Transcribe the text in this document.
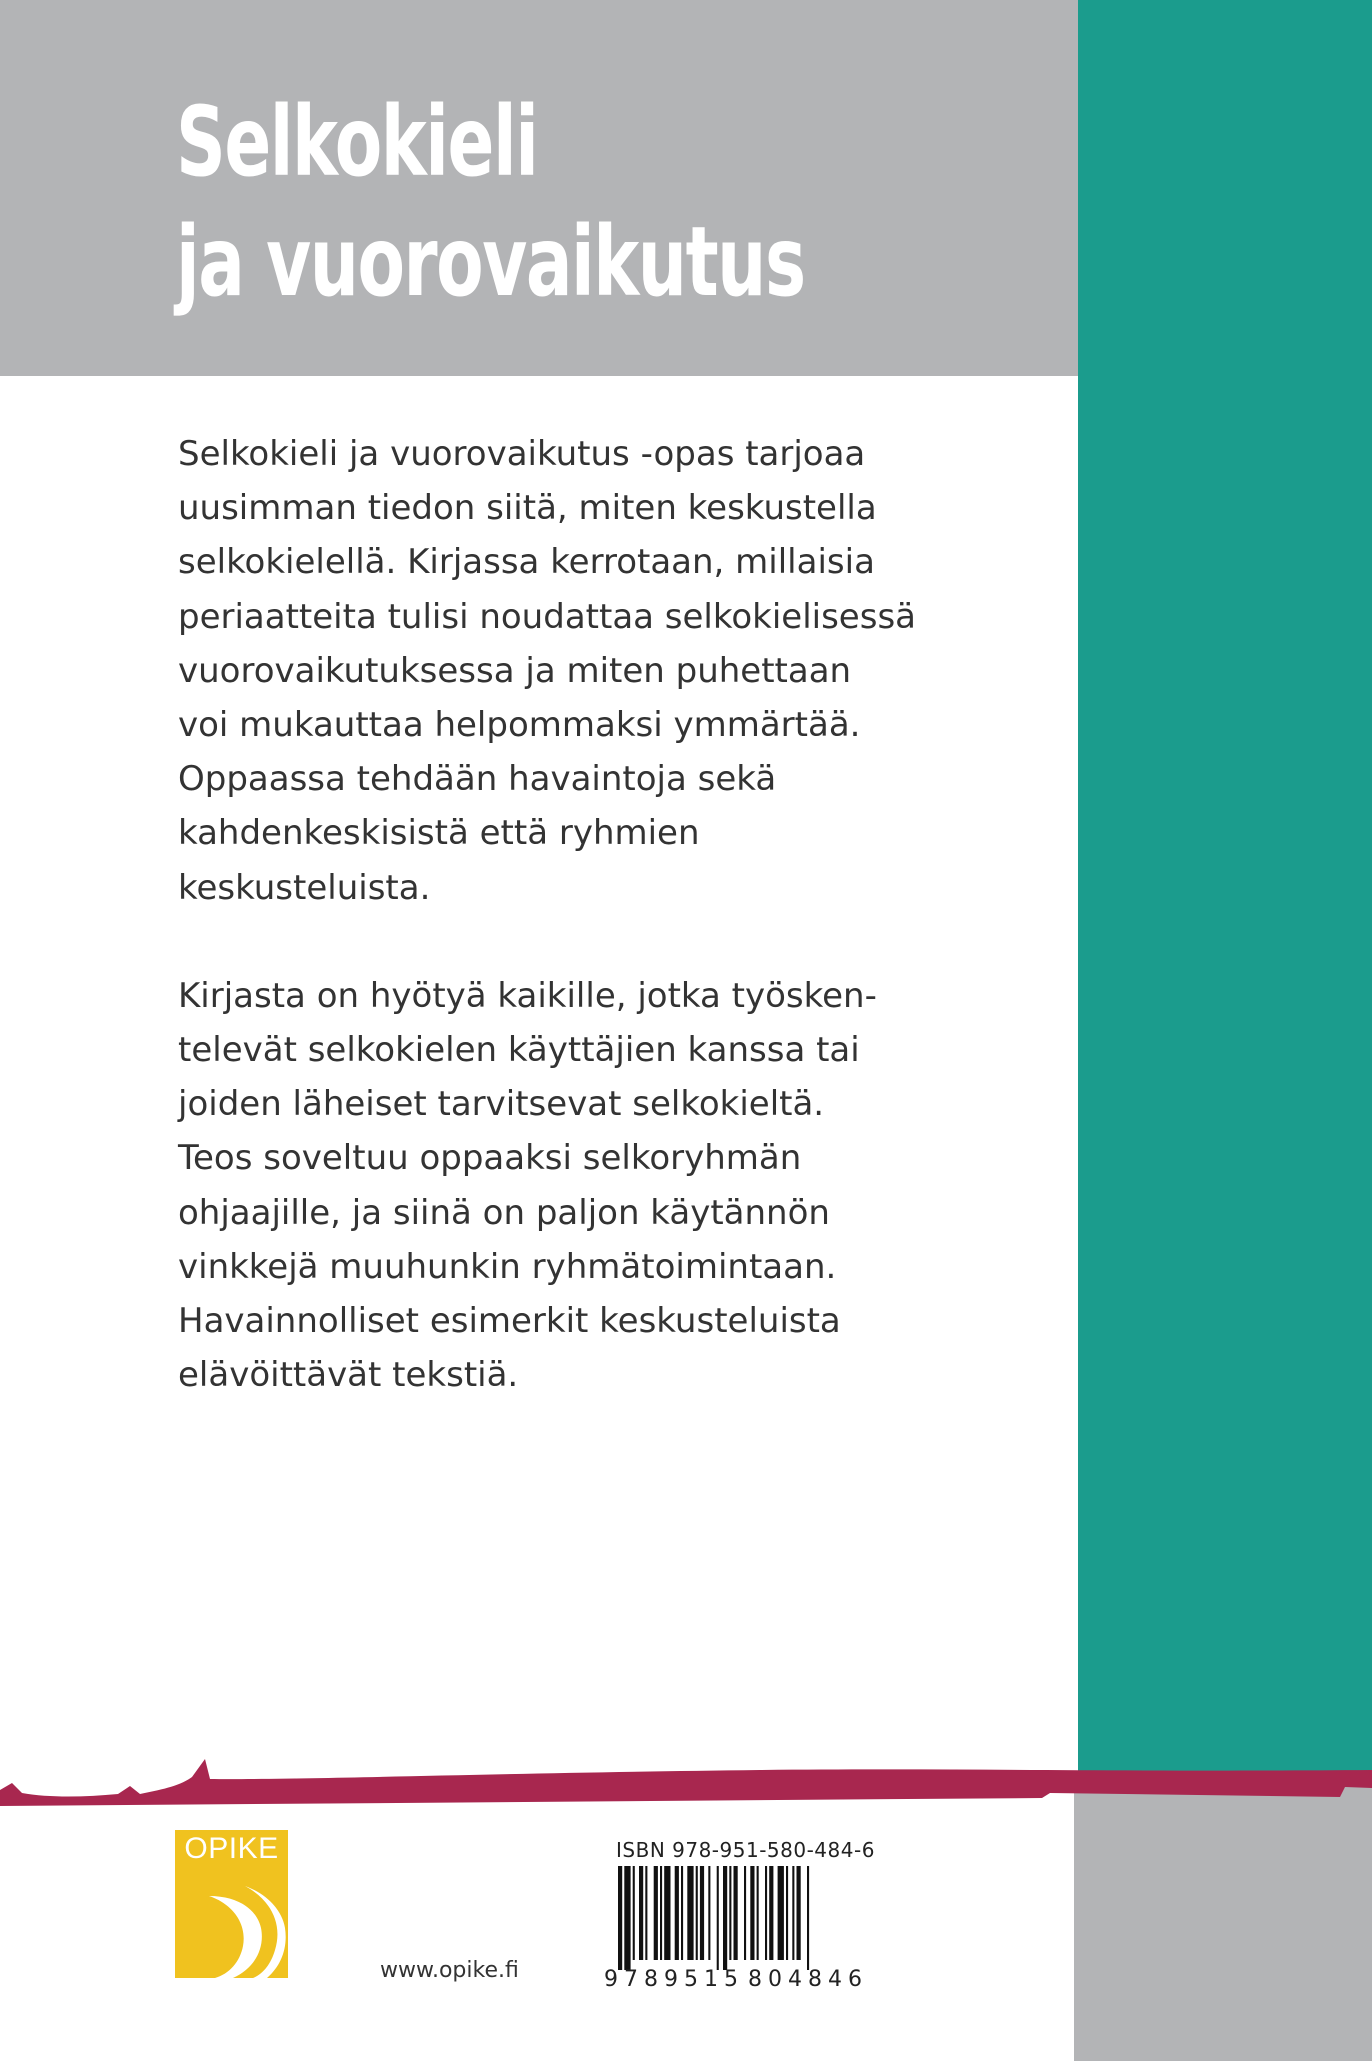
Selkokieli
ja vuorovaikutus

Selkokieli ja vuorovaikutus -opas tarjoaa
uusimman tiedon siitä, miten keskustella
selkokielellä. Kirjassa kerrotaan, millaisia
periaatteita tulisi noudattaa selkokielisessä
vuorovaikutuksessa ja miten puhettaan
voi mukauttaa helpommaksi ymmärtää.
Oppaassa tehdään havaintoja sekä
kahdenkeskisistä että ryhmien
keskusteluista.

Kirjasta on hyötyä kaikille, jotka työsken-
televät selkokielen käyttäjien kanssa tai
joiden läheiset tarvitsevat selkokieltä.
Teos soveltuu oppaaksi selkoryhmän
ohjaajille, ja siinä on paljon käytännön
vinkkejä muuhunkin ryhmätoimintaan.
Havainnolliset esimerkit keskusteluista
elävöittävät tekstiä.

OPIKE
www.opike.fi
ISBN 978-951-580-484-6
9 789515 804846
